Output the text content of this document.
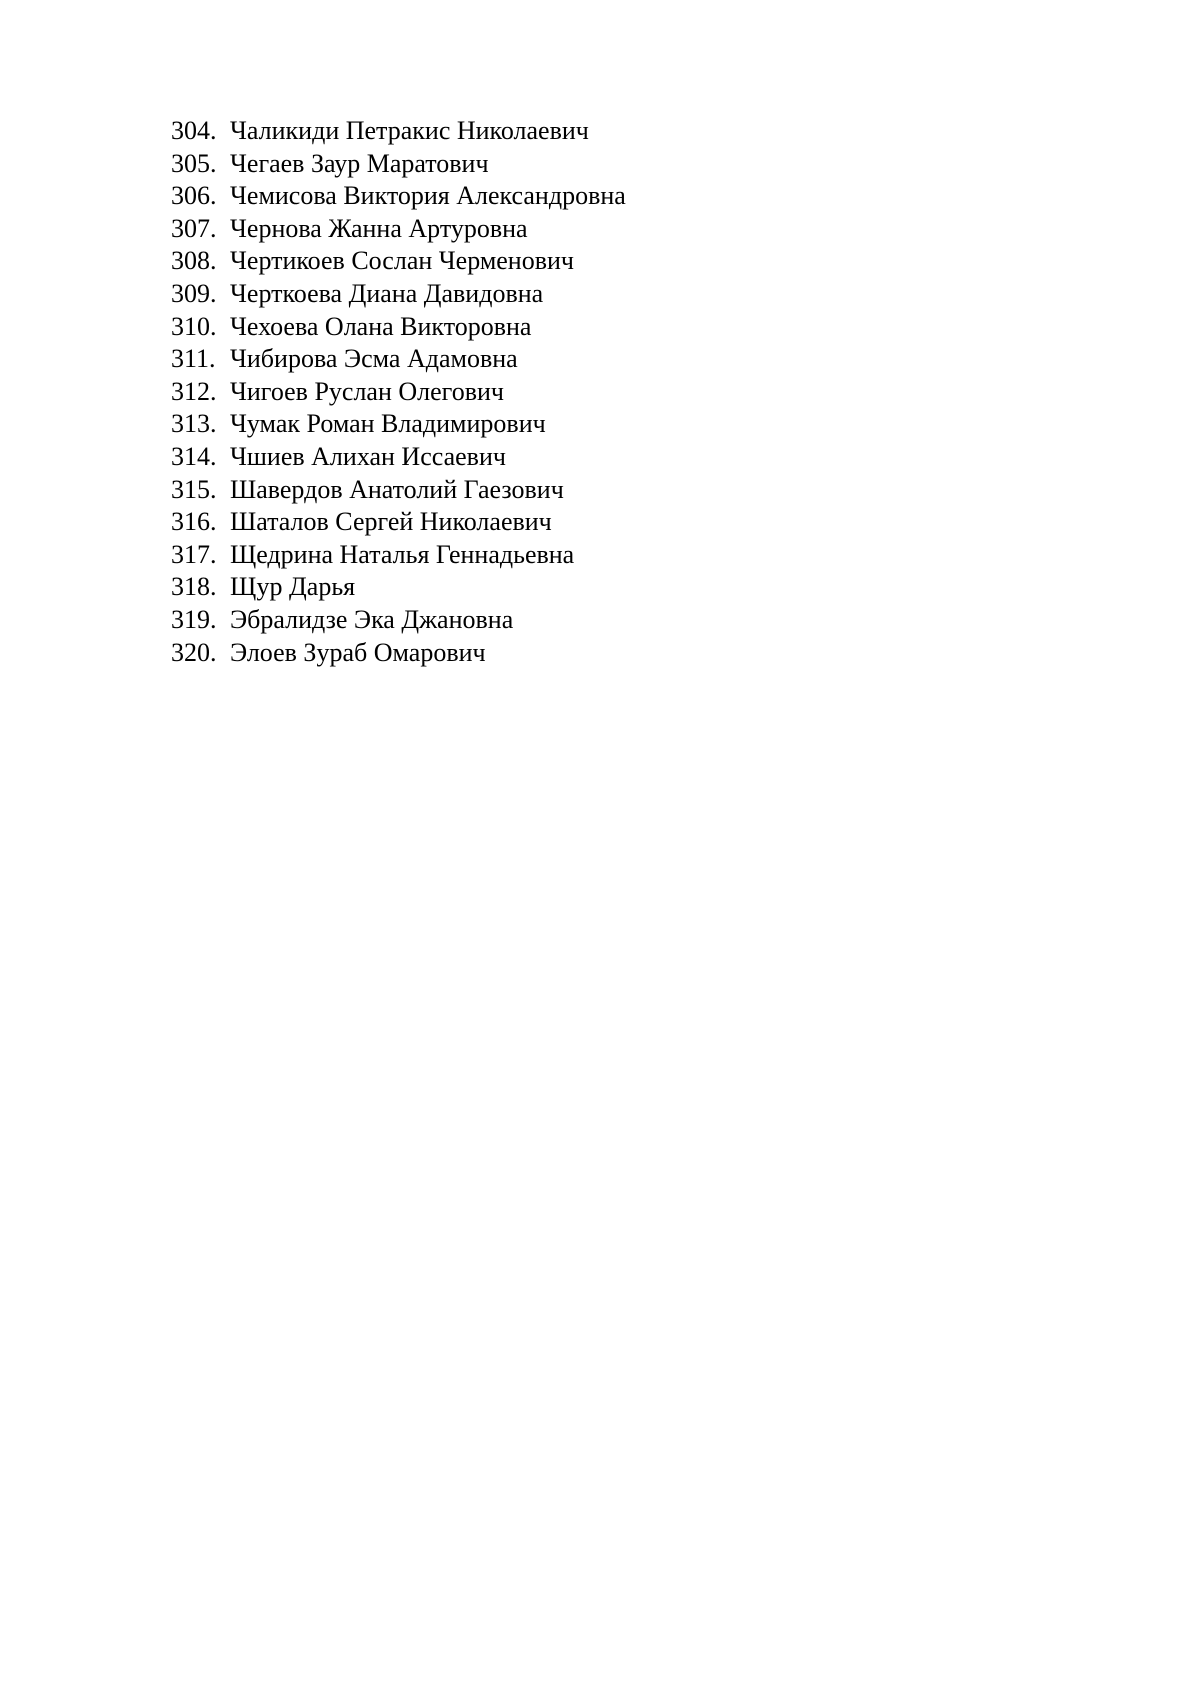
304. Чаликиди Петракис Николаевич
305. Чегаев Заур Маратович
306. Чемисова Виктория Александровна
307. Чернова Жанна Артуровна
308. Чертикоев Сослан Черменович
309. Черткоева Диана Давидовна
310. Чехоева Олана Викторовна
311. Чибирова Эсма Адамовна
312. Чигоев Руслан Олегович
313. Чумак Роман Владимирович
314. Чшиев Алихан Иссаевич
315. Шавердов Анатолий Гаезович
316. Шаталов Сергей Николаевич
317. Щедрина Наталья Геннадьевна
318. Щур Дарья
319. Эбралидзе Эка Джановна
320. Элоев Зураб Омарович
